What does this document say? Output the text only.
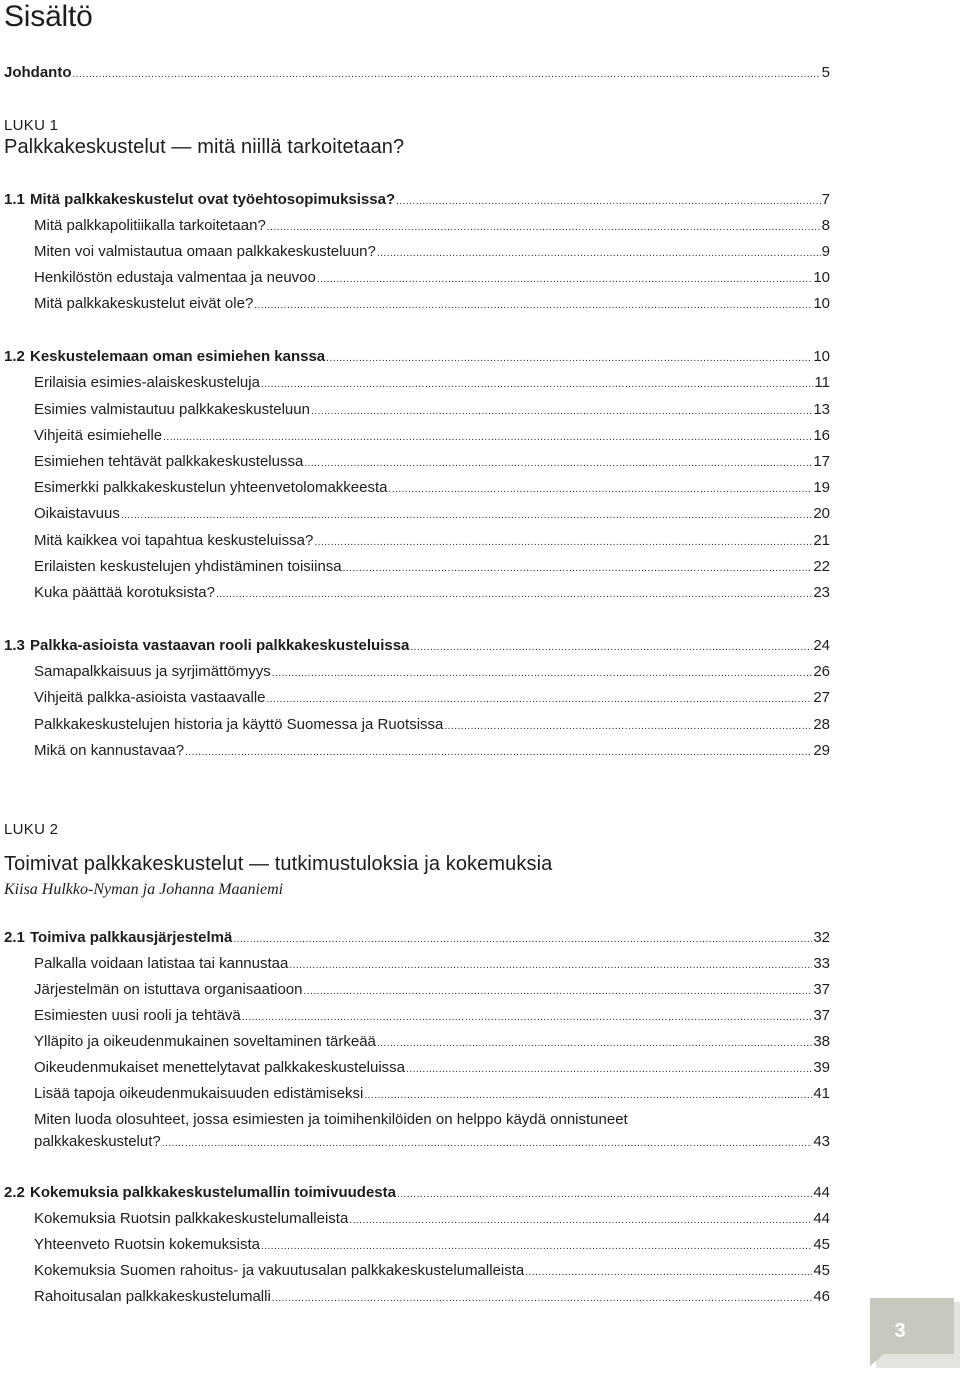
Sisältö
Johdanto .....	5
LUKU 1
Palkkakeskustelut — mitä niillä tarkoitetaan?
1.1 Mitä palkkakeskustelut ovat työehtosopimuksissa? .....	7
Mitä palkkapolitiikalla tarkoitetaan? .....	8
Miten voi valmistautua omaan palkkakeskusteluun? .....	9
Henkilöstön edustaja valmentaa ja neuvoo .....	10
Mitä palkkakeskustelut eivät ole? .....	10
1.2 Keskustelemaan oman esimiehen kanssa .....	10
Erilaisia esimies-alaiskeskusteluja .....	11
Esimies valmistautuu palkkakeskusteluun .....	13
Vihjeitä esimiehelle .....	16
Esimiehen tehtävät palkkakeskustelussa .....	17
Esimerkki palkkakeskustelun yhteenvetolomakkeesta .....	19
Oikaistavuus .....	20
Mitä kaikkea voi tapahtua keskusteluissa? .....	21
Erilaisten keskustelujen yhdistäminen toisiinsa .....	22
Kuka päättää korotuksista? .....	23
1.3 Palkka-asioista vastaavan rooli palkkakeskusteluissa .....	24
Samapalkkaisuus ja syrjimättömyys .....	26
Vihjeitä palkka-asioista vastaavalle .....	27
Palkkakeskustelujen historia ja käyttö Suomessa ja Ruotsissa .....	28
Mikä on kannustavaa? .....	29
LUKU 2
Toimivat palkkakeskustelut — tutkimustuloksia ja kokemuksia
Kiisa Hulkko-Nyman ja Johanna Maaniemi
2.1 Toimiva palkkausjärjestelmä .....	32
Palkalla voidaan latistaa tai kannustaa .....	33
Järjestelmän on istuttava organisaatioon .....	37
Esimiesten uusi rooli ja tehtävä .....	37
Ylläpito ja oikeudenmukainen soveltaminen tärkeää .....	38
Oikeudenmukaiset menettelytavat palkkakeskusteluissa .....	39
Lisää tapoja oikeudenmukaisuuden edistämiseksi .....	41
Miten luoda olosuhteet, jossa esimiesten ja toimihenkilöiden on helppo käydä onnistuneet
palkkakeskustelut? .....	43
2.2 Kokemuksia palkkakeskustelumallin toimivuudesta .....	44
Kokemuksia Ruotsin palkkakeskustelumalleista .....	44
Yhteenveto Ruotsin kokemuksista .....	45
Kokemuksia Suomen rahoitus- ja vakuutusalan palkkakeskustelumalleista .....	45
Rahoitusalan palkkakeskustelumalli .....	46
3
